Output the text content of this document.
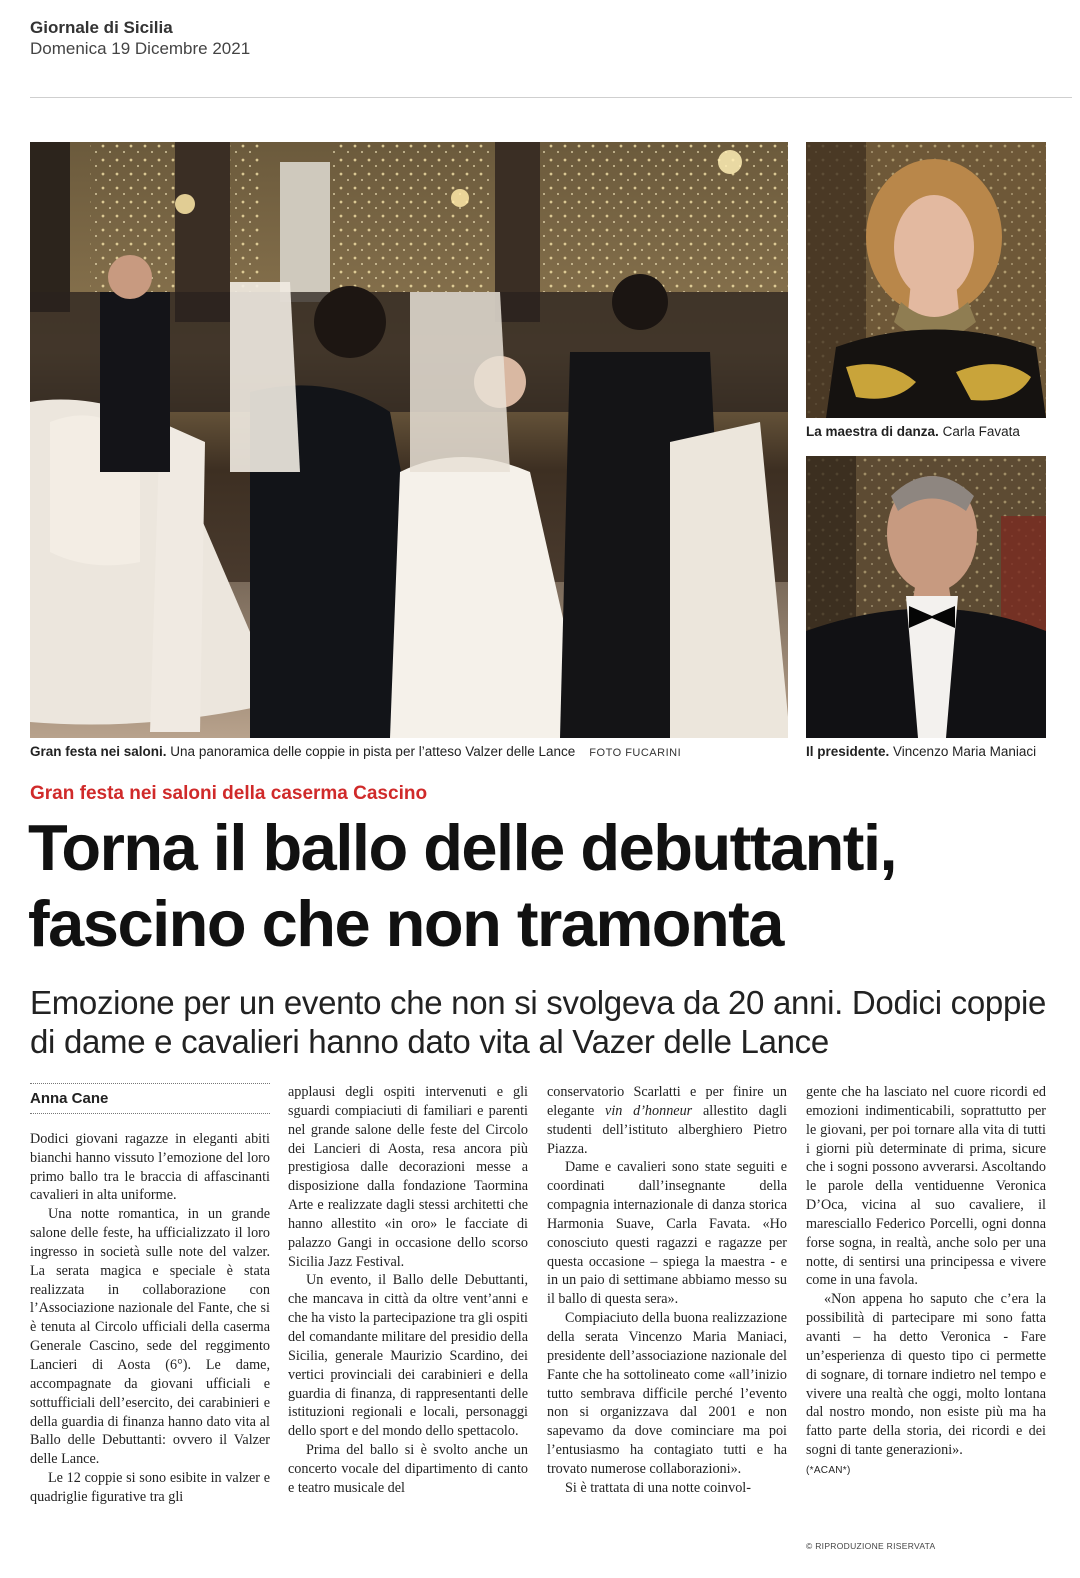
Giornale di Sicilia
Domenica 19 Dicembre 2021
Gran festa nei saloni. Una panoramica delle coppie in pista per l’atteso Valzer delle Lance FOTO FUCARINI
La maestra di danza. Carla Favata
Il presidente. Vincenzo Maria Maniaci
Gran festa nei saloni della caserma Cascino
Torna il ballo delle debuttanti,
fascino che non tramonta

Emozione per un evento che non si svolgeva da 20 anni. Dodici coppie di dame e cavalieri hanno dato vita al Vazer delle Lance

Anna Cane

Dodici giovani ragazze in eleganti abiti bianchi hanno vissuto l’emozione del loro primo ballo tra le braccia di affascinanti cavalieri in alta uniforme.

Una notte romantica, in un grande salone delle feste, ha ufficializzato il loro ingresso in società sulle note del valzer. La serata magica e speciale è stata realizzata in collaborazione con l’Associazione nazionale del Fante, che si è tenuta al Circolo ufficiali della caserma Generale Cascino, sede del reggimento Lancieri di Aosta (6°). Le dame, accompagnate da giovani ufficiali e sottufficiali dell’esercito, dei carabinieri e della guardia di finanza hanno dato vita al Ballo delle Debuttanti: ovvero il Valzer delle Lance.

Le 12 coppie si sono esibite in valzer e quadriglie figurative tra gli

applausi degli ospiti intervenuti e gli sguardi compiaciuti di familiari e parenti nel grande salone delle feste del Circolo dei Lancieri di Aosta, resa ancora più prestigiosa dalle decorazioni messe a disposizione dalla fondazione Taormina Arte e realizzate dagli stessi architetti che hanno allestito «in oro» le facciate di palazzo Gangi in occasione dello scorso Sicilia Jazz Festival.

Un evento, il Ballo delle Debuttanti, che mancava in città da oltre vent’anni e che ha visto la partecipazione tra gli ospiti del comandante militare del presidio della Sicilia, generale Maurizio Scardino, dei vertici provinciali dei carabinieri e della guardia di finanza, di rappresentanti delle istituzioni regionali e locali, personaggi dello sport e del mondo dello spettacolo.

Prima del ballo si è svolto anche un concerto vocale del dipartimento di canto e teatro musicale del

conservatorio Scarlatti e per finire un elegante vin d’honneur allestito dagli studenti dell’istituto alberghiero Pietro Piazza.

Dame e cavalieri sono state seguiti e coordinati dall’insegnante della compagnia internazionale di danza storica Harmonia Suave, Carla Favata. «Ho conosciuto questi ragazzi e ragazze per questa occasione – spiega la maestra - e in un paio di settimane abbiamo messo su il ballo di questa sera».

Compiaciuto della buona realizzazione della serata Vincenzo Maria Maniaci, presidente dell’associazione nazionale del Fante che ha sottolineato come «all’inizio tutto sembrava difficile perché l’evento non si organizzava dal 2001 e non sapevamo da dove cominciare ma poi l’entusiasmo ha contagiato tutti e ha trovato numerose collaborazioni».

Si è trattata di una notte coinvol-

gente che ha lasciato nel cuore ricordi ed emozioni indimenticabili, soprattutto per le giovani, per poi tornare alla vita di tutti i giorni più determinate di prima, sicure che i sogni possono avverarsi. Ascoltando le parole della ventiduenne Veronica D’Oca, vicina al suo cavaliere, il maresciallo Federico Porcelli, ogni donna forse sogna, in realtà, anche solo per una notte, di sentirsi una principessa e vivere come in una favola.

«Non appena ho saputo che c’era la possibilità di partecipare mi sono fatta avanti – ha detto Veronica - Fare un’esperienza di questo tipo ci permette di sognare, di tornare indietro nel tempo e vivere una realtà che oggi, molto lontana dal nostro mondo, non esiste più ma ha fatto parte della storia, dei ricordi e dei sogni di tante generazioni».

(*ACAN*)

© RIPRODUZIONE RISERVATA
